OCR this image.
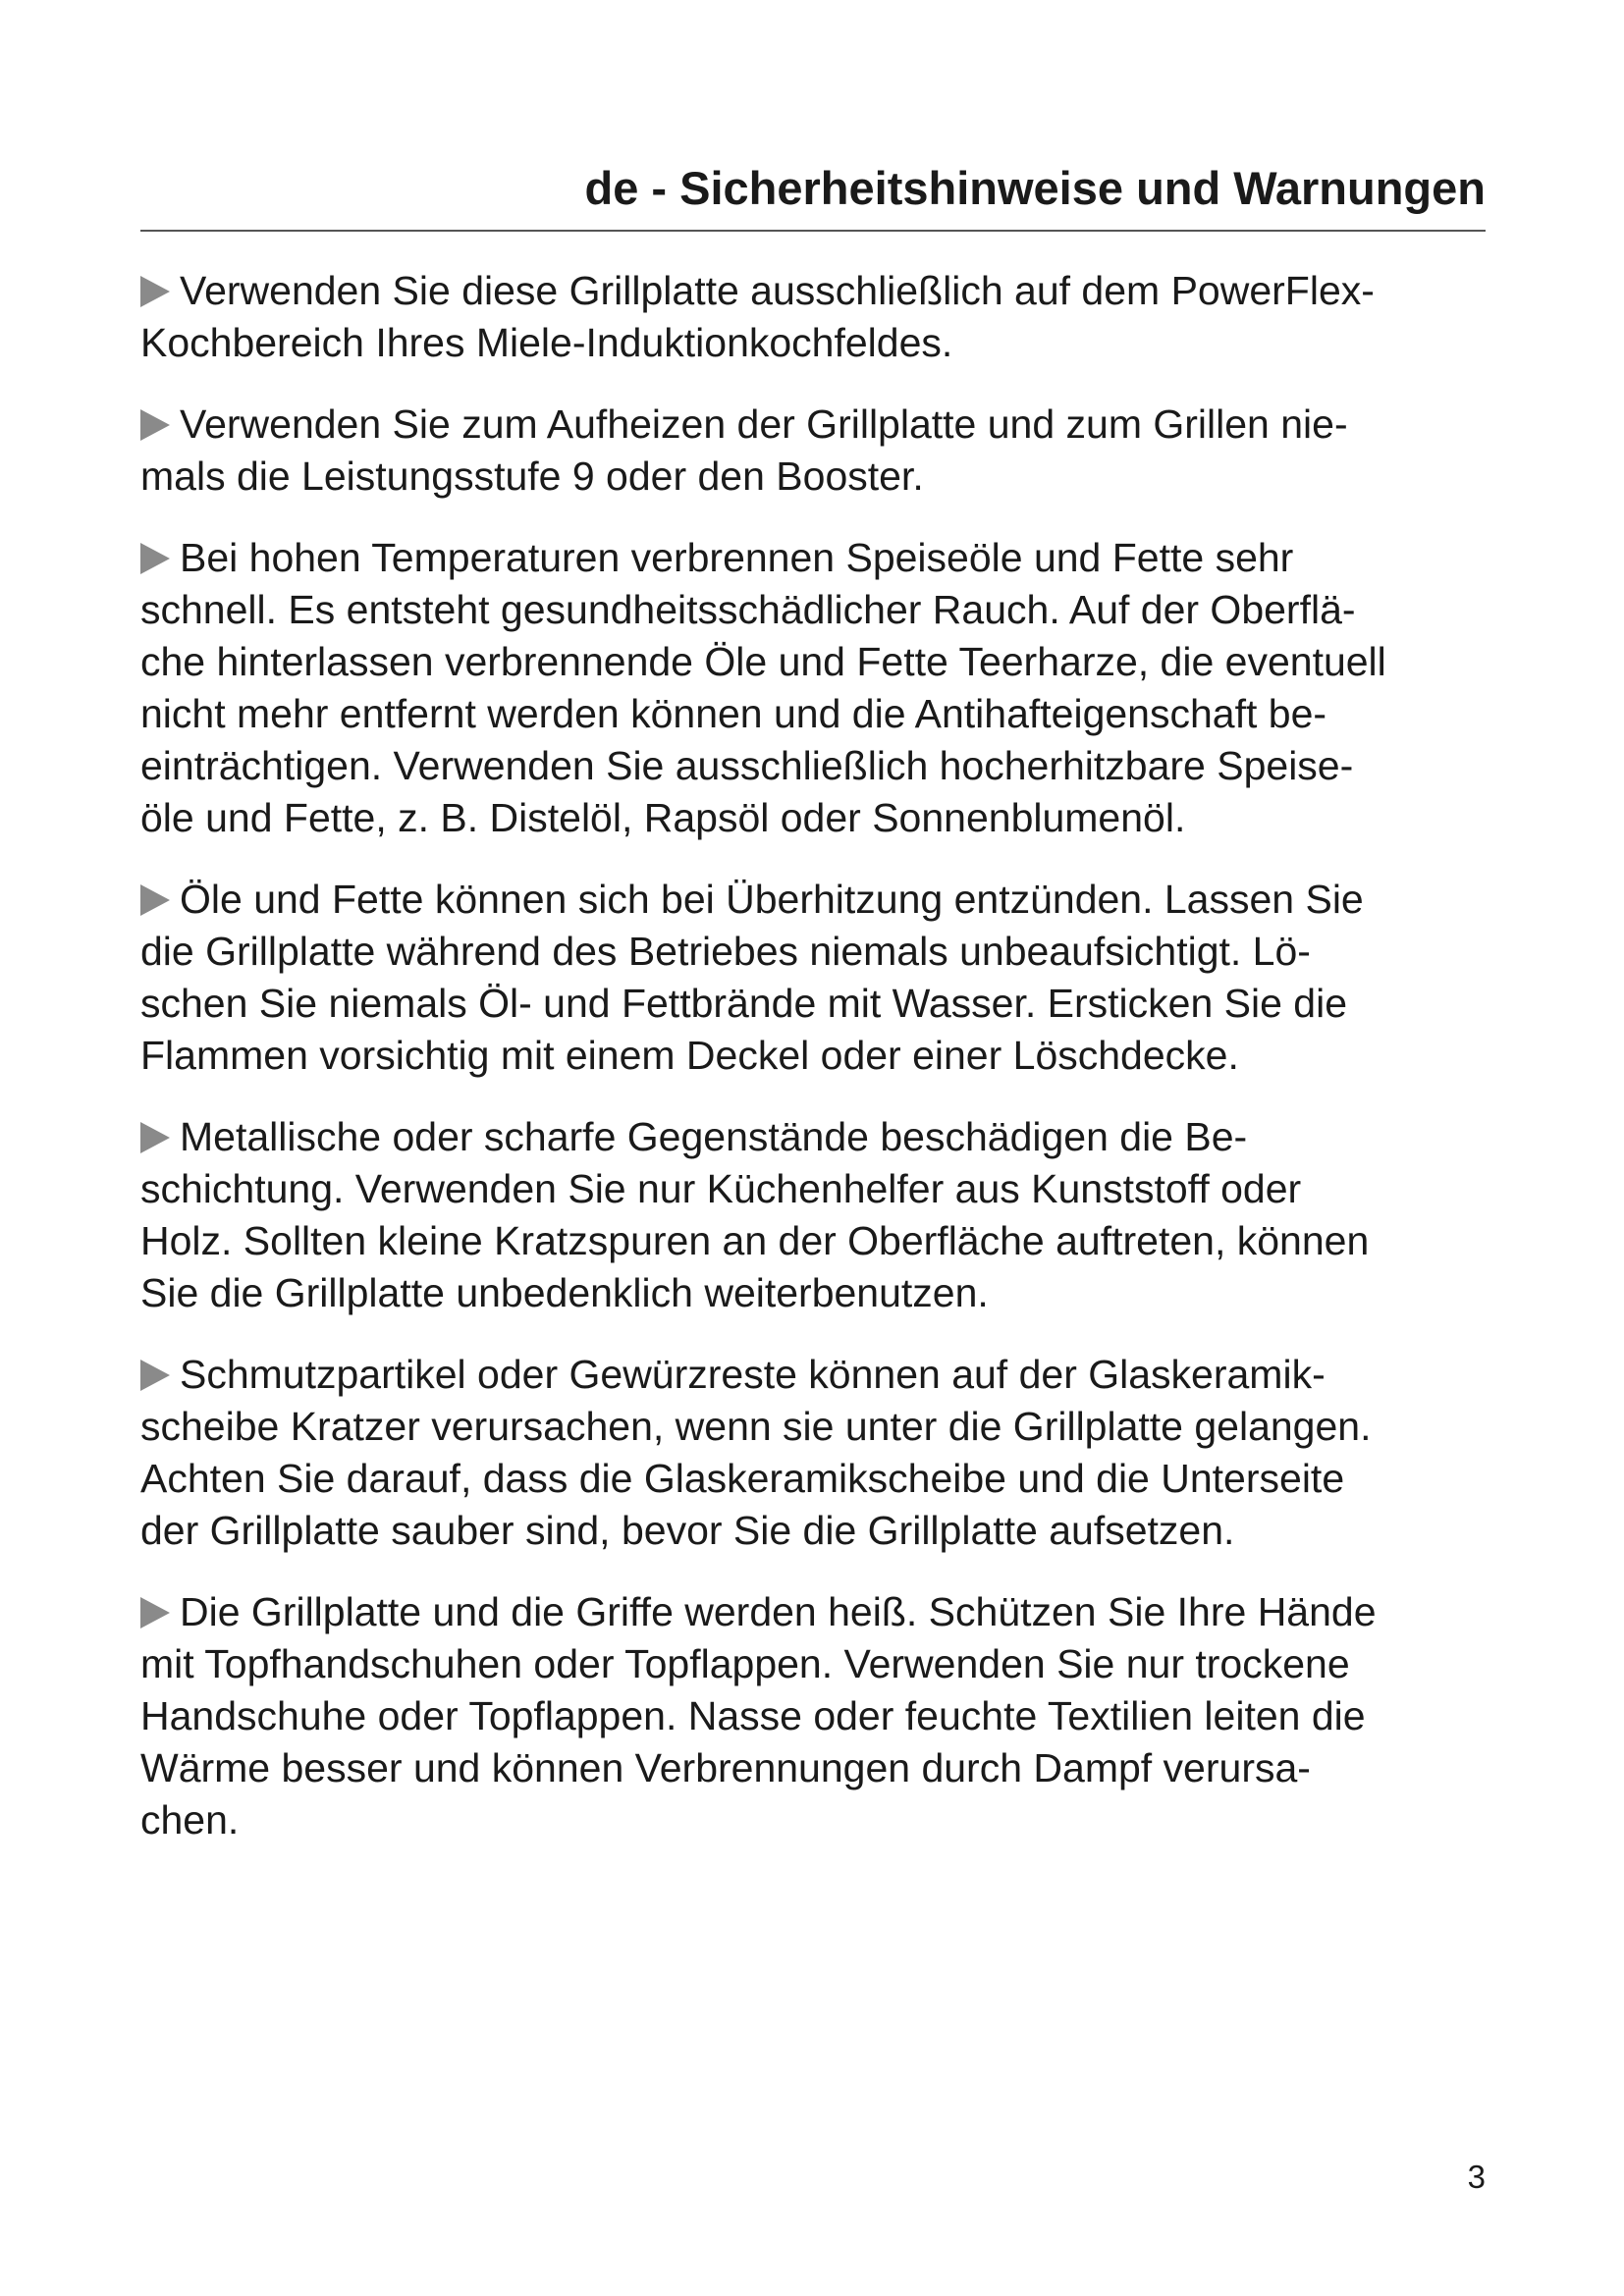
de - Sicherheitshinweise und Warnungen

Verwenden Sie diese Grillplatte ausschließlich auf dem PowerFlex-
Kochbereich Ihres Miele-Induktionkochfeldes.

Verwenden Sie zum Aufheizen der Grillplatte und zum Grillen nie-
mals die Leistungsstufe 9 oder den Booster.

Bei hohen Temperaturen verbrennen Speiseöle und Fette sehr
schnell. Es entsteht gesundheitsschädlicher Rauch. Auf der Oberflä-
che hinterlassen verbrennende Öle und Fette Teerharze, die eventuell
nicht mehr entfernt werden können und die Antihafteigenschaft be-
einträchtigen. Verwenden Sie ausschließlich hocherhitzbare Speise-
öle und Fette, z. B. Distelöl, Rapsöl oder Sonnenblumenöl.

Öle und Fette können sich bei Überhitzung entzünden. Lassen Sie
die Grillplatte während des Betriebes niemals unbeaufsichtigt. Lö-
schen Sie niemals Öl- und Fettbrände mit Wasser. Ersticken Sie die
Flammen vorsichtig mit einem Deckel oder einer Löschdecke.

Metallische oder scharfe Gegenstände beschädigen die Be-
schichtung. Verwenden Sie nur Küchenhelfer aus Kunststoff oder
Holz. Sollten kleine Kratzspuren an der Oberfläche auftreten, können
Sie die Grillplatte unbedenklich weiterbenutzen.

Schmutzpartikel oder Gewürzreste können auf der Glaskeramik-
scheibe Kratzer verursachen, wenn sie unter die Grillplatte gelangen.
Achten Sie darauf, dass die Glaskeramikscheibe und die Unterseite
der Grillplatte sauber sind, bevor Sie die Grillplatte aufsetzen.

Die Grillplatte und die Griffe werden heiß. Schützen Sie Ihre Hände
mit Topfhandschuhen oder Topflappen. Verwenden Sie nur trockene
Handschuhe oder Topflappen. Nasse oder feuchte Textilien leiten die
Wärme besser und können Verbrennungen durch Dampf verursa-
chen.

3
